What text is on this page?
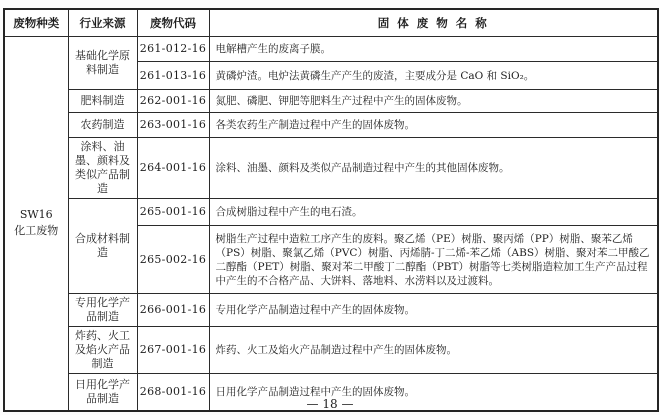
废物种类	行业来源	废物代码	固 体 废 物 名 称

SW16
化工废物	基础化学原料制造	261-012-16	电解槽产生的废离子膜。
		261-013-16	黄磷炉渣。电炉法黄磷生产产生的废渣，主要成分是 CaO 和 SiO₂。
	肥料制造	262-001-16	氮肥、磷肥、钾肥等肥料生产过程中产生的固体废物。
	农药制造	263-001-16	各类农药生产制造过程中产生的固体废物。
	涂料、油墨、颜料及类似产品制造	264-001-16	涂料、油墨、颜料及类似产品制造过程中产生的其他固体废物。
	合成材料制造	265-001-16	合成树脂过程中产生的电石渣。
		265-002-16	树脂生产过程中造粒工序产生的废料。聚乙烯（PE）树脂、聚丙烯（PP）树脂、聚苯乙烯（PS）树脂、聚氯乙烯（PVC）树脂、丙烯腈-丁二烯-苯乙烯（ABS）树脂、聚对苯二甲酸乙二醇酯（PET）树脂、聚对苯二甲酸丁二醇酯（PBT）树脂等七类树脂造粒加工生产产品过程中产生的不合格产品、大饼料、落地料、水涝料以及过渡料。
	专用化学产品制造	266-001-16	专用化学产品制造过程中产生的固体废物。
	炸药、火工及焰火产品制造	267-001-16	炸药、火工及焰火产品制造过程中产生的固体废物。
	日用化学产品制造	268-001-16	日用化学产品制造过程中产生的固体废物。
— 18 —
